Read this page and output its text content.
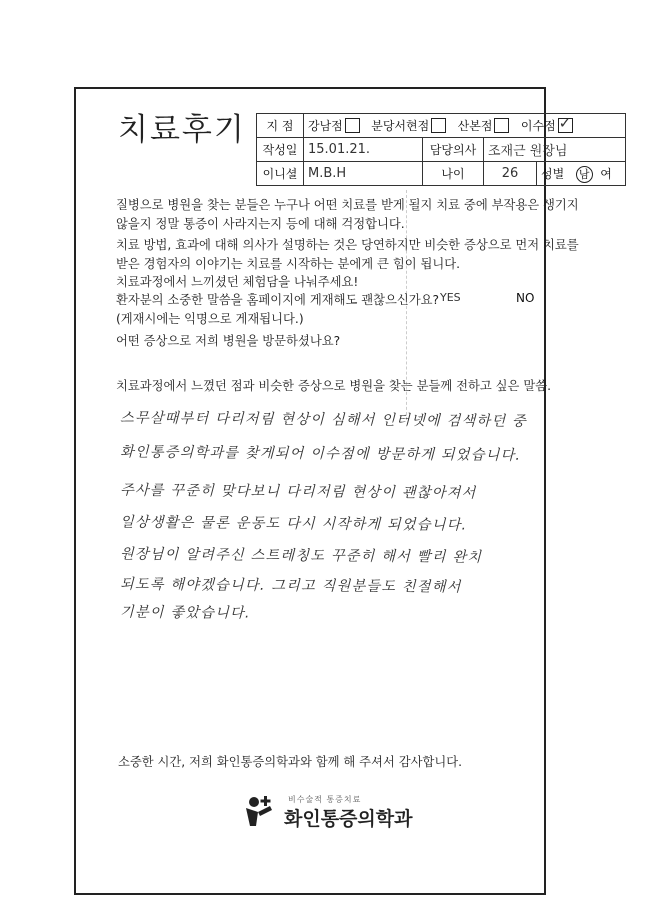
치료후기 지 점	강남점 분당서현점 산본점 이수점✓
작성일	15.01.21.	담당의사	조재근 원장님	
이니셜	M.B.H	나이	26	성별 남 여
질병으로 병원을 찾는 분들은 누구나 어떤 치료를 받게 될지 치료 중에 부작용은 생기지
않을지 정말 통증이 사라지는지 등에 대해 걱정합니다.
치료 방법, 효과에 대해 의사가 설명하는 것은 당연하지만 비슷한 증상으로 먼저 치료를
받은 경험자의 이야기는 치료를 시작하는 분에게 큰 힘이 됩니다.
치료과정에서 느끼셨던 체험담을 나눠주세요!
환자분의 소중한 말씀을 홈페이지에 게재해도 괜찮으신가요? YES	NO
(게재시에는 익명으로 게재됩니다.)
어떤 증상으로 저희 병원을 방문하셨나요?
치료과정에서 느꼈던 점과 비슷한 증상으로 병원을 찾는 분들께 전하고 싶은 말씀.
스무살때부터 다리저림 현상이 심해서 인터넷에 검색하던 중
화인통증의학과를 찾게되어 이수점에 방문하게 되었습니다.
주사를 꾸준히 맞다보니 다리저림 현상이 괜찮아져서
일상생활은 물론 운동도 다시 시작하게 되었습니다.
원장님이 알려주신 스트레칭도 꾸준히 해서 빨리 완치
되도록 해야겠습니다. 그리고 직원분들도 친절해서
기분이 좋았습니다.
소중한 시간, 저희 화인통증의학과와 함께 해 주셔서 감사합니다.
비수술적 통증치료
화인통증의학과
